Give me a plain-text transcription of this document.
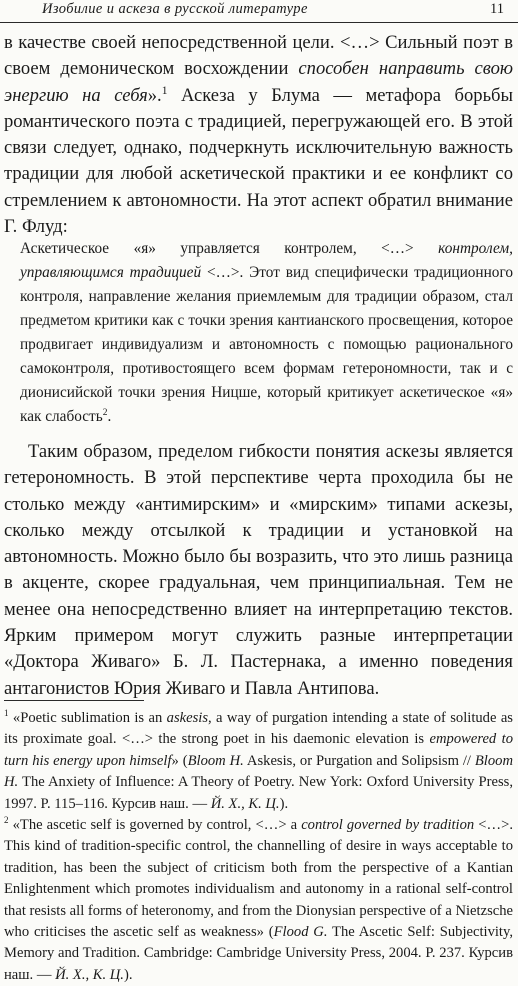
Изобилие и аскеза в русской литературе	11

в качестве своей непосредственной цели. <…> Сильный поэт в своем демоническом восхождении способен направить свою энергию на себя».$^1$ Аскеза у Блума — метафора борьбы романтического поэта с традицией, перегружающей его. В этой связи следует, однако, подчеркнуть исключительную важность традиции для любой аскетической практики и ее конфликт со стремлением к автономности. На этот аспект обратил внимание Г. Флуд:

Аскетическое «я» управляется контролем, <…> контролем, управляющимся традицией <…>. Этот вид специфически традиционного контроля, направление желания приемлемым для традиции образом, стал предметом критики как с точки зрения кантианского просвещения, которое продвигает индивидуализм и автономность с помощью рационального самоконтроля, противостоящего всем формам гетерономности, так и с дионисийской точки зрения Ницше, который критикует аскетическое «я» как слабость$^2$.

Таким образом, пределом гибкости понятия аскезы является гетерономность. В этой перспективе черта проходила бы не столько между «антимирским» и «мирским» типами аскезы, сколько между отсылкой к традиции и установкой на автономность. Можно было бы возразить, что это лишь разница в акценте, скорее градуальная, чем принципиальная. Тем не менее она непосредственно влияет на интерпретацию текстов. Ярким примером могут служить разные интерпретации «Доктора Живаго» Б. Л. Пастернака, а именно поведения антагонистов Юрия Живаго и Павла Антипова.

$^1$ «Poetic sublimation is an askesis, a way of purgation intending a state of solitude as its proximate goal. <…> the strong poet in his daemonic elevation is empowered to turn his energy upon himself» (Bloom H. Askesis, or Purgation and Solipsism // Bloom H. The Anxiety of Influence: A Theory of Poetry. New York: Oxford University Press, 1997. P. 115–116. Курсив наш. — Й. Х., К. Ц.).

$^2$ «The ascetic self is governed by control, <…> a control governed by tradition <…>. This kind of tradition-specific control, the channelling of desire in ways acceptable to tradition, has been the subject of criticism both from the perspective of a Kantian Enlightenment which promotes individualism and autonomy in a rational self-control that resists all forms of heteronomy, and from the Dionysian perspective of a Nietzsche who criticises the ascetic self as weakness» (Flood G. The Ascetic Self: Subjectivity, Memory and Tradition. Cambridge: Cambridge University Press, 2004. P. 237. Курсив наш. — Й. Х., К. Ц.).
